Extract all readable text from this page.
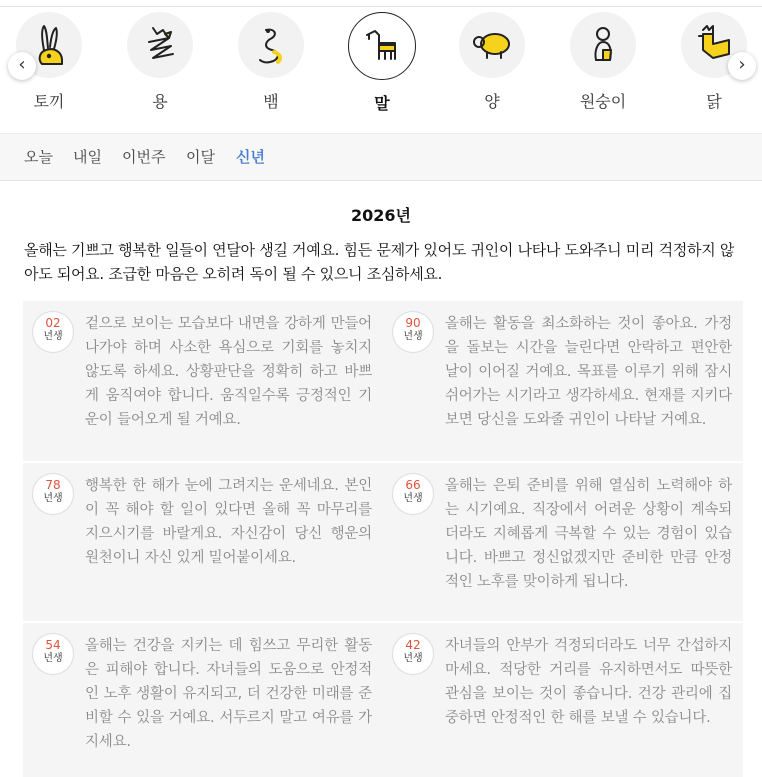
토끼	용	뱀	말	양	원숭이	닭
‹	›
오늘 내일 이번주 이달 신년
2026년
올해는 기쁘고 행복한 일들이 연달아 생길 거예요. 힘든 문제가 있어도 귀인이 나타나 도와주니 미리 걱정하지 않아도 되어요. 조급한 마음은 오히려 독이 될 수 있으니 조심하세요.
02
년생
겉으로 보이는 모습보다 내면을 강하게 만들어 나가야 하며 사소한 욕심으로 기회를 놓치지 않도록 하세요. 상황판단을 정확히 하고 바쁘게 움직여야 합니다. 움직일수록 긍정적인 기운이 들어오게 될 거예요.
90
년생
올해는 활동을 최소화하는 것이 좋아요. 가정을 돌보는 시간을 늘린다면 안락하고 편안한 날이 이어질 거예요. 목표를 이루기 위해 잠시 쉬어가는 시기라고 생각하세요. 현재를 지키다 보면 당신을 도와줄 귀인이 나타날 거예요.
78
년생
행복한 한 해가 눈에 그려지는 운세네요. 본인이 꼭 해야 할 일이 있다면 올해 꼭 마무리를 지으시기를 바랄게요. 자신감이 당신 행운의 원천이니 자신 있게 밀어붙이세요.
66
년생
올해는 은퇴 준비를 위해 열심히 노력해야 하는 시기예요. 직장에서 어려운 상황이 계속되더라도 지혜롭게 극복할 수 있는 경험이 있습니다. 바쁘고 정신없겠지만 준비한 만큼 안정적인 노후를 맞이하게 됩니다.
54
년생
올해는 건강을 지키는 데 힘쓰고 무리한 활동은 피해야 합니다. 자녀들의 도움으로 안정적인 노후 생활이 유지되고, 더 건강한 미래를 준비할 수 있을 거예요. 서두르지 말고 여유를 가지세요.
42
년생
자녀들의 안부가 걱정되더라도 너무 간섭하지 마세요. 적당한 거리를 유지하면서도 따뜻한 관심을 보이는 것이 좋습니다. 건강 관리에 집중하면 안정적인 한 해를 보낼 수 있습니다.
